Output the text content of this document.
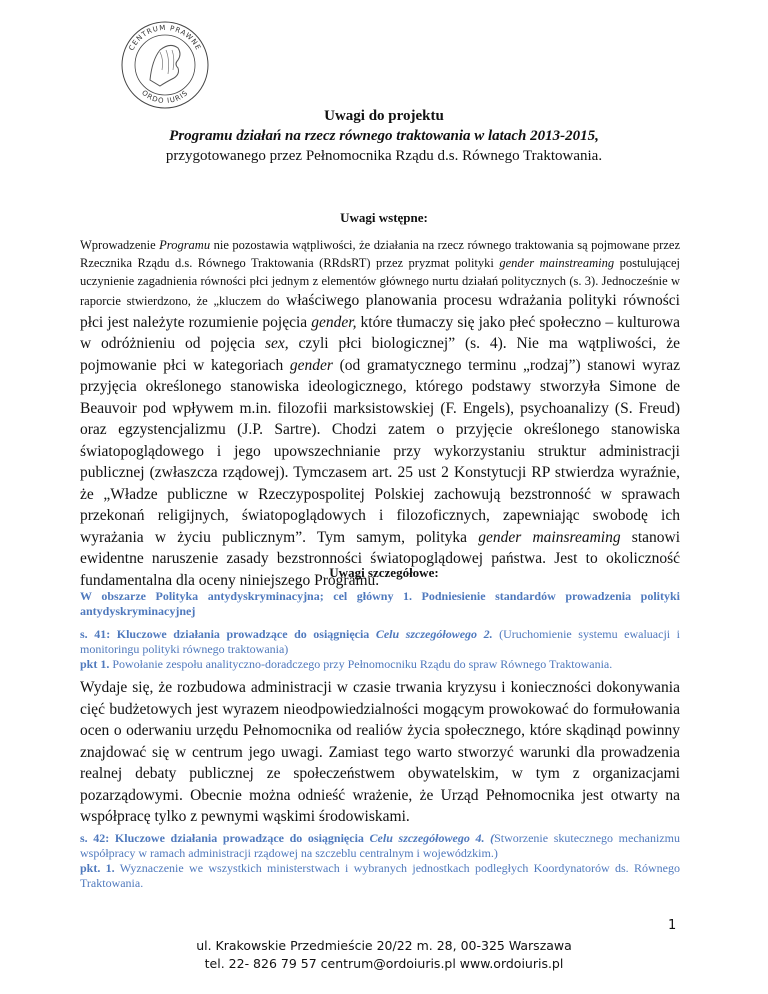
CENTRUM PRAWNE
ORDO IURIS
Uwagi do projektu
Programu działań na rzecz równego traktowania w latach 2013-2015,
przygotowanego przez Pełnomocnika Rządu d.s. Równego Traktowania.
Uwagi wstępne:

Wprowadzenie Programu nie pozostawia wątpliwości, że działania na rzecz równego traktowania są pojmowane przez Rzecznika Rządu d.s. Równego Traktowania (RRdsRT) przez pryzmat polityki gender mainstreaming postulującej uczynienie zagadnienia równości płci jednym z elementów głównego nurtu działań politycznych (s. 3). Jednocześnie w raporcie stwierdzono, że „kluczem do właściwego planowania procesu wdrażania polityki równości płci jest należyte rozumienie pojęcia gender, które tłumaczy się jako płeć społeczno – kulturowa w odróżnieniu od pojęcia sex, czyli płci biologicznej” (s. 4). Nie ma wątpliwości, że pojmowanie płci w kategoriach gender (od gramatycznego terminu „rodzaj”) stanowi wyraz przyjęcia określonego stanowiska ideologicznego, którego podstawy stworzyła Simone de Beauvoir pod wpływem m.in. filozofii marksistowskiej (F. Engels), psychoanalizy (S. Freud) oraz egzystencjalizmu (J.P. Sartre). Chodzi zatem o przyjęcie określonego stanowiska światopoglądowego i jego upowszechnianie przy wykorzystaniu struktur administracji publicznej (zwłaszcza rządowej). Tymczasem art. 25 ust 2 Konstytucji RP stwierdza wyraźnie, że „Władze publiczne w Rzeczypospolitej Polskiej zachowują bezstronność w sprawach przekonań religijnych, światopoglądowych i filozoficznych, zapewniając swobodę ich wyrażania w życiu publicznym”. Tym samym, polityka gender mainsreaming stanowi ewidentne naruszenie zasady bezstronności światopoglądowej państwa. Jest to okoliczność fundamentalna dla oceny niniejszego Programu.

Uwagi szczegółowe:

W obszarze Polityka antydyskryminacyjna; cel główny 1. Podniesienie standardów prowadzenia polityki antydyskryminacyjnej

s. 41: Kluczowe działania prowadzące do osiągnięcia Celu szczegółowego 2. (Uruchomienie systemu ewaluacji i monitoringu polityki równego traktowania)
pkt 1. Powołanie zespołu analityczno-doradczego przy Pełnomocniku Rządu do spraw Równego Traktowania.

Wydaje się, że rozbudowa administracji w czasie trwania kryzysu i konieczności dokonywania cięć budżetowych jest wyrazem nieodpowiedzialności mogącym prowokować do formułowania ocen o oderwaniu urzędu Pełnomocnika od realiów życia społecznego, które skądinąd powinny znajdować się w centrum jego uwagi. Zamiast tego warto stworzyć warunki dla prowadzenia realnej debaty publicznej ze społeczeństwem obywatelskim, w tym z organizacjami pozarządowymi. Obecnie można odnieść wrażenie, że Urząd Pełnomocnika jest otwarty na współpracę tylko z pewnymi wąskimi środowiskami.

s. 42: Kluczowe działania prowadzące do osiągnięcia Celu szczegółowego 4. (Stworzenie skutecznego mechanizmu współpracy w ramach administracji rządowej na szczeblu centralnym i wojewódzkim.)
pkt. 1. Wyznaczenie we wszystkich ministerstwach i wybranych jednostkach podległych Koordynatorów ds. Równego Traktowania.

1
ul. Krakowskie Przedmieście 20/22 m. 28, 00-325 Warszawa
tel. 22- 826 79 57 centrum@ordoiuris.pl www.ordoiuris.pl
